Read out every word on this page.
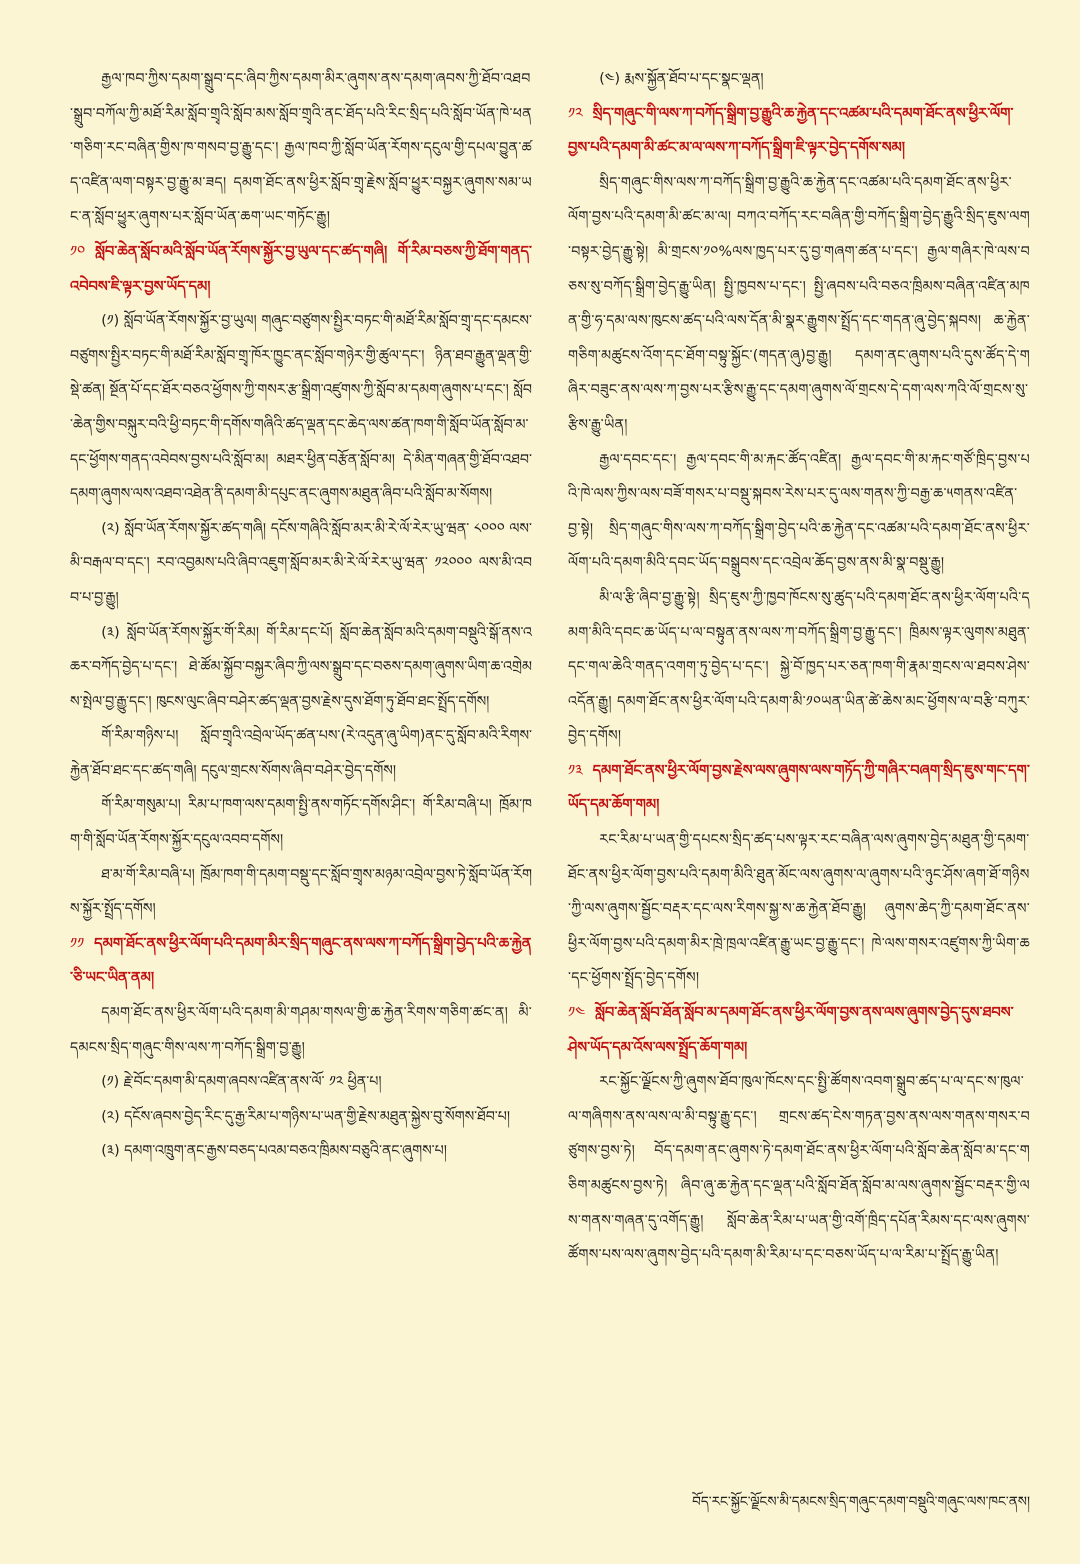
རྒྱལ་ཁབ་ཀྱིས་དམག་སྒྲུབ་དང་ཞིབ་ཀྱིས་དམག་མིར་ཞུགས་ནས་དམག་ཞབས་ཀྱི་ཐོབ་འཐབ་སྒྲུབ་བཀོལ་ཀྱི་མཐོ་རིམ་སློབ་གྲྭའི་སློབ་མས་སློབ་གྲྭའི་ནང་ཐོད་པའི་རིང་སྲིད་པའི་སློབ་ཡོན་ཁེ་ཕན་གཅིག་རང་བཞིན་གྱིས་ཁ་གསབ་བྱ་རྒྱུ་དང་། རྒྱལ་ཁབ་ཀྱི་སློབ་ཡོན་རོགས་དངུལ་གྱི་དཔལ་བྱུན་ཚད་འཛིན་ལག་བསྟར་བྱ་རྒྱུ་མ་ཟད། དམག་ཐོང་ནས་ཕྱིར་སློབ་གྲྭ་རྗེས་སློབ་ཕྱུར་བསྐྱར་ཞུགས་སམ་ཡང་ན་སློབ་ཕྱུར་ཞུགས་པར་སློབ་ཡོན་ཆག་ཡང་གཏོང་རྒྱུ།

༡༠ སློབ་ཆེན་སློབ་མའི་སློབ་ཡོན་རོགས་སྐྱོར་བྱ་ཡུལ་དང་ཚད་གཞི། གོ་རིམ་བཅས་ཀྱི་ཐོག་གནད་འབེབས་ཇི་ལྟར་བྱས་ཡོད་དམ།

(༡) སློབ་ཡོན་རོགས་སྐྱོར་བྱ་ཡུལ། གཞུང་བཙུགས་སྤྱིར་བཏང་གི་མཐོ་རིམ་སློབ་གྲྭ་དང་དམངས་བཙུགས་སྤྱིར་བཏང་གི་མཐོ་རིམ་སློབ་གྲྭ་ཁོར་ཁྱུང་ནང་སློབ་གཉེར་གྱི་ཚུལ་དང་། ཉིན་ཐབ་རྒྱུན་ལྡན་གྱི་སྡེ་ཚན། སྔོན་པོ་དང་ཐོར་བཅའ་ཕྱོགས་ཀྱི་གསར་རྩ་སྒྲིག་འཛུགས་ཀྱི་སློབ་མ་དམག་ཞུགས་པ་དང་། སློབ་ཆེན་གྱིས་བསྐུར་བའི་ཕྱི་བཏང་གི་དགོས་གཞིའི་ཚད་ལྡན་དང་ཆེད་ལས་ཚན་ཁག་གི་སློབ་ཡོན་སློབ་མ་དང་ཕྱོགས་གནད་འབེབས་བྱས་པའི་སློབ་མ། མཐར་ཕྱིན་བརྩོན་སློབ་མ། དེ་མིན་གཞན་གྱི་ཐོབ་འཐབ་དམག་ཞུགས་ལས་འཐབ་འཐེན་ནི་དམག་མི་དཔུང་ནང་ཞུགས་མཐུན་ཞིབ་པའི་སློབ་མ་སོགས།

(༢) སློབ་ཡོན་རོགས་སྐྱོར་ཚད་གཞི། དངོས་གཞིའི་སློབ་མར་མི་རེ་ལོ་རེར་ཡུ་ཝན་ ༨༠༠༠ ལས་མི་བརྒལ་བ་དང་། རབ་འབྱམས་པའི་ཞིབ་འཇུག་སློབ་མར་མི་རེ་ལོ་རེར་ཡུ་ཝན་ ༡༢༠༠༠ ལས་མི་འབབ་པ་བྱ་རྒྱུ།

(༣) སློབ་ཡོན་རོགས་སྐྱོར་གོ་རིམ། གོ་རིམ་དང་པོ། སློབ་ཆེན་སློབ་མའི་དམག་བསྡུའི་སྒོ་ནས་འཆར་བཀོད་བྱེད་པ་དང་། ཐེ་ཚོམ་སྐྱོབ་བསྐྱར་ཞིབ་ཀྱི་ལས་སྒྲུབ་དང་བཅས་དམག་ཞུགས་ཡིག་ཆ་འགྲེམས་སྤེལ་བྱ་རྒྱུ་དང་། ཁུངས་ལུང་ཞིབ་བཤེར་ཚད་ལྡན་བྱས་རྗེས་དུས་ཐོག་ཏུ་ཐོབ་ཐང་སྤྲོད་དགོས།

གོ་རིམ་གཉིས་པ། སློབ་གྲྭའི་འབྲེལ་ཡོད་ཚན་པས་(རེ་འདུན་ཞུ་ཡིག)ནང་དུ་སློབ་མའི་རིགས་རྐྱེན་ཐོབ་ཐང་དང་ཚད་གཞི། དངུལ་གྲངས་སོགས་ཞིབ་བཤེར་བྱེད་དགོས།

གོ་རིམ་གསུམ་པ། རིམ་པ་ཁག་ལས་དམག་སྤྱི་ནས་གཏོང་དགོས་ཤིང་། གོ་རིམ་བཞི་པ། ཁྲོམ་ཁག་གི་སློབ་ཡོན་རོགས་སྐྱོར་དངུལ་འབབ་དགོས།

ཐ་མ་གོ་རིམ་བཞི་པ། ཁྲོམ་ཁག་གི་དམག་བསྡུ་དང་སློབ་གྲྭས་མཉམ་འབྲེལ་བྱས་ཏེ་སློབ་ཡོན་རོགས་སྐྱོར་སྤྲོད་དགོས།

༡༡ དམག་ཐོང་ནས་ཕྱིར་ལོག་པའི་དམག་མིར་སྲིད་གཞུང་ནས་ལས་ཀ་བཀོད་སྒྲིག་བྱེད་པའི་ཆ་རྐྱེན་ཅི་ཡང་ཡིན་ནམ།

དམག་ཐོང་ནས་ཕྱིར་ལོག་པའི་དམག་མི་གཤམ་གསལ་གྱི་ཆ་རྐྱེན་རིགས་གཅིག་ཚང་ན། མི་དམངས་སྲིད་གཞུང་གིས་ལས་ཀ་བཀོད་སྒྲིག་བྱ་རྒྱུ།

(༡) རྗེ་བོང་དམག་མི་དམག་ཞབས་འཛིན་ནས་ལོ་ ༡༢ ཕྱིན་པ།

(༢) དངོས་ཞབས་བྱེད་རིང་དུ་རྒྱ་རིམ་པ་གཉིས་པ་ཡན་གྱི་རྗེས་མཐུན་སྐྱེས་བུ་སོགས་ཐོབ་པ།

(༣) དམག་འཁྲུག་ནང་རྒྱས་བཅད་པའམ་བཅའ་ཁྲིམས་བཅུའི་ནང་ཞུགས་པ།

(༤) རྨས་སྐྱོན་ཐོབ་པ་དང་སྣང་ལྡན།

༡༢ སྲིད་གཞུང་གི་ལས་ཀ་བཀོད་སྒྲིག་བྱ་རྒྱུའི་ཆ་རྐྱེན་དང་འཚམ་པའི་དམག་ཐོང་ནས་ཕྱིར་ལོག་བྱས་པའི་དམག་མི་ཚང་མ་ལ་ལས་ཀ་བཀོད་སྒྲིག་ཇི་ལྟར་བྱེད་དགོས་སམ།

སྲིད་གཞུང་གིས་ལས་ཀ་བཀོད་སྒྲིག་བྱ་རྒྱུའི་ཆ་རྐྱེན་དང་འཚམ་པའི་དམག་ཐོང་ནས་ཕྱིར་ལོག་བྱས་པའི་དམག་མི་ཚང་མ་ལ། བཀའ་བཀོད་རང་བཞིན་གྱི་བཀོད་སྒྲིག་བྱེད་རྒྱུའི་སྲིད་ཇུས་ལག་བསྟར་བྱེད་རྒྱུ་སྟེ། མི་གྲངས་༡༠%ལས་ཁྱད་པར་དུ་བྱ་གཞག་ཚན་པ་དང་། རྒྱལ་གཞིར་ཁེ་ལས་བཅས་སུ་བཀོད་སྒྲིག་བྱེད་རྒྱུ་ཡིན། སྤྱི་ཁྱབས་པ་དང་། སྤྱི་ཞབས་པའི་བཅའ་ཁྲིམས་བཞིན་འཛིན་མཁན་གྱི་ཧ་དམ་ལས་ཁུངས་ཚད་པའི་ལས་དོན་མི་སྣར་རྒྱུགས་སྤྲོད་དང་གདན་ཞུ་བྱེད་སྐབས། ཆ་རྐྱེན་གཅིག་མཚུངས་འོག་དང་ཐོག་བསྟུ་སྐྱོང་(གདན་ཞུ)བྱ་རྒྱུ། དམག་ནང་ཞུགས་པའི་དུས་ཚོད་དེ་གཞིར་བཟུང་ནས་ལས་ཀ་བྱས་པར་རྩིས་རྒྱུ་དང་དམག་ཞུགས་ལོ་གྲངས་དེ་དག་ལས་ཀའི་ལོ་གྲངས་སུ་རྩིས་རྒྱུ་ཡིན།

རྒྱལ་དབང་དང་། རྒྱལ་དབང་གི་མ་རྐང་ཚོད་འཛིན། རྒྱལ་དབང་གི་མ་རྐང་གཙོ་ཁྲིད་བྱས་པའི་ཁེ་ལས་ཀྱིས་ལས་བཟོ་གསར་པ་བསྡུ་སྐབས་རེས་པར་དུ་ལས་གནས་ཀྱི་བརྒྱ་ཆ་༥གནས་འཛིན་བྱ་སྟེ། སྲིད་གཞུང་གིས་ལས་ཀ་བཀོད་སྒྲིག་བྱེད་པའི་ཆ་རྐྱེན་དང་འཚམ་པའི་དམག་ཐོང་ནས་ཕྱིར་ལོག་པའི་དམག་མིའི་དབང་ཡོད་བསྒྲུབས་དང་འབྲེལ་ཆོད་བྱས་ནས་མི་སྣ་བསྡུ་རྒྱུ།

མི་ལ་རྩི་ཞིབ་བྱ་རྒྱུ་སྟེ། སྲིད་ཇུས་ཀྱི་ཁྱབ་ཁོངས་སུ་ཚུད་པའི་དམག་ཐོང་ནས་ཕྱིར་ལོག་པའི་དམག་མིའི་དབང་ཆ་ཡོད་པ་ལ་བསྟུན་ནས་ལས་ཀ་བཀོད་སྒྲིག་བྱ་རྒྱུ་དང་། ཁྲིམས་ལྟར་ལུགས་མཐུན་དང་གལ་ཆེའི་གནད་འགག་ཏུ་བྱེད་པ་དང་། སྐྱེ་བོ་ཁྱད་པར་ཅན་ཁག་གི་རྣམ་གྲངས་ལ་ཐབས་ཤེས་འདོན་རྒྱུ། དམག་ཐོང་ནས་ཕྱིར་ལོག་པའི་དམག་མི་༡༠ཡན་ཡིན་ཚེ་ཆེས་མང་ཕྱོགས་ལ་བརྩི་བཀུར་བྱེད་དགོས།

༡༣ དམག་ཐོང་ནས་ཕྱིར་ལོག་བྱས་རྗེས་ལས་ཞུགས་ལས་གཏོད་ཀྱི་གཞིར་བཞག་སྲིད་ཇུས་གང་དག་ཡོད་དམ་ཆོག་གམ།

རང་རིམ་པ་ཡན་གྱི་དཔངས་སྲིད་ཚད་པས་ལྟར་རང་བཞིན་ལས་ཞུགས་བྱེད་མཐུན་གྱི་དམག་ཐོང་ནས་ཕྱིར་ལོག་བྱས་པའི་དམག་མིའི་ཐུན་མོང་ལས་ཞུགས་ལ་ཞུགས་པའི་ཉུང་ཤོས་ཞག་ཐོ་གཉིས་ཀྱི་ལས་ཞུགས་སྦྱོང་བརྡར་དང་ལས་རིགས་སྐྱ་ས་ཆ་རྐྱེན་ཐོབ་རྒྱུ། ཞུགས་ཆེད་ཀྱི་དམག་ཐོང་ནས་ཕྱིར་ལོག་བྱས་པའི་དམག་མིར་ཁྲེ་ཁྲལ་འཛིན་རྒྱུ་ཡང་བྱ་རྒྱུ་དང་། ཁེ་ལས་གསར་འཛུགས་ཀྱི་ཡིག་ཆ་དང་ཕྱོགས་སྤྲོད་བྱེད་དགོས།

༡༤ སློབ་ཆེན་སློབ་ཐོན་སློབ་མ་དམག་ཐོང་ནས་ཕྱིར་ལོག་བྱས་ནས་ལས་ཞུགས་བྱེད་དུས་ཐབས་ཤེས་ཡོད་དམ་འོས་ལས་སྤྲོད་ཆོག་གམ།

རང་སྐྱོང་ལྗོངས་ཀྱི་ཞུགས་ཐོབ་ཁུལ་ཁོངས་དང་སྤྱི་ཚོགས་འབག་སྒྲུབ་ཚད་པ་ལ་དང་ས་ཁུལ་ལ་གཞིགས་ནས་ལས་ལ་མི་བསྟུ་རྒྱུ་དང་། གྲངས་ཚད་ངེས་གཏན་བྱས་ནས་ལས་གནས་གསར་བཙུགས་བྱས་ཏེ། བོད་དམག་ནང་ཞུགས་ཏེ་དམག་ཐོང་ནས་ཕྱིར་ལོག་པའི་སློབ་ཆེན་སློབ་མ་དང་གཅིག་མཚུངས་བྱས་ཏེ། ཞིབ་ཞུ་ཆ་རྐྱེན་དང་ལྡན་པའི་སློབ་ཐོན་སློབ་མ་ལས་ཞུགས་སྦྱོང་བརྡར་གྱི་ལས་གནས་གཞན་དུ་འགོད་རྒྱུ། སློབ་ཆེན་རིམ་པ་ཡན་གྱི་འགོ་ཁྲིད་དཔོན་རིམས་དང་ལས་ཞུགས་ཚོགས་པས་ལས་ཞུགས་བྱེད་པའི་དམག་མི་རིམ་པ་དང་བཅས་ཡོད་པ་ལ་རིམ་པ་སྤྲོད་རྒྱུ་ཡིན།

བོད་རང་སྐྱོང་ལྗོངས་མི་དམངས་སྲིད་གཞུང་དམག་བསྡུའི་གཞུང་ལས་ཁང་ནས།
